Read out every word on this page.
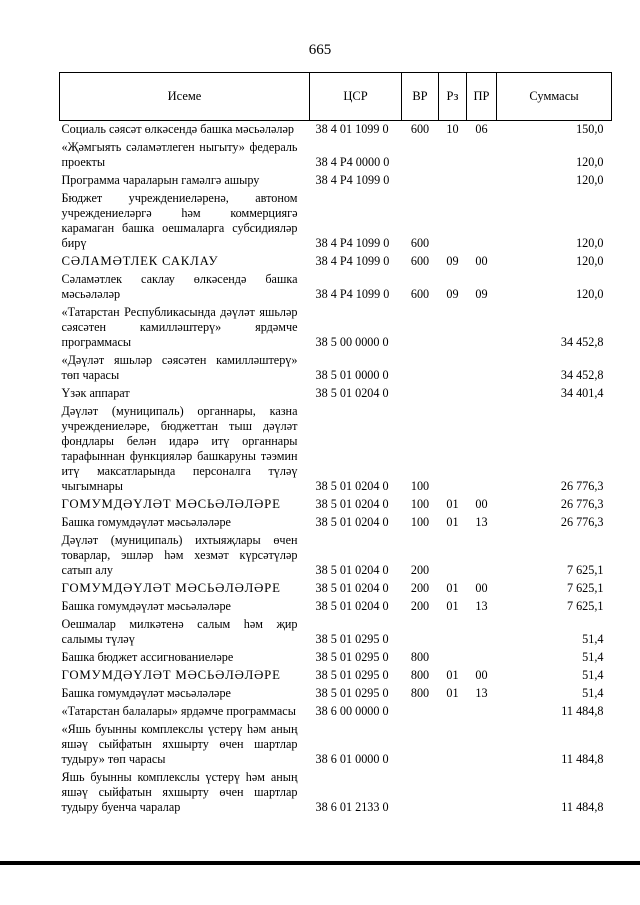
665
Исеме	ЦСР	ВР	Рз	ПР	Суммасы
Социаль сәясәт өлкәсендә башка мәсьәләләр	38 4 01 1099 0	600	10	06	150,0
«Җәмгыять сәламәтлеген ныгыту» федераль проекты	38 4 P4 0000 0				120,0
Программа чараларын гамәлгә ашыру	38 4 P4 1099 0				120,0
Бюджет учреждениеләренә, автоном учреждениеләргә һәм коммерциягә карамаган башка оешмаларга субсидияләр бирү	38 4 P4 1099 0	600			120,0
СӘЛАМӘТЛЕК САКЛАУ	38 4 P4 1099 0	600	09	00	120,0
Сәламәтлек саклау өлкәсендә башка мәсьәләләр	38 4 P4 1099 0	600	09	09	120,0
«Татарстан Республикасында дәүләт яшьләр сәясәтен камилләштерү» ярдәмче программасы	38 5 00 0000 0				34 452,8
«Дәүләт яшьләр сәясәтен камилләштерү» төп чарасы	38 5 01 0000 0				34 452,8
Үзәк аппарат	38 5 01 0204 0				34 401,4
Дәүләт (муниципаль) органнары, казна учреждениеләре, бюджеттан тыш дәүләт фондлары белән идарә итү органнары тарафыннан функцияләр башкаруны тәэмин итү максатларында персоналга түләү чыгымнары	38 5 01 0204 0	100			26 776,3
ГОМУМДӘҮЛӘТ МӘСЬӘЛӘЛӘРЕ	38 5 01 0204 0	100	01	00	26 776,3
Башка гомумдәүләт мәсьәләләре	38 5 01 0204 0	100	01	13	26 776,3
Дәүләт (муниципаль) ихтыяҗлары өчен товарлар, эшләр һәм хезмәт күрсәтүләр сатып алу	38 5 01 0204 0	200			7 625,1
ГОМУМДӘҮЛӘТ МӘСЬӘЛӘЛӘРЕ	38 5 01 0204 0	200	01	00	7 625,1
Башка гомумдәүләт мәсьәләләре	38 5 01 0204 0	200	01	13	7 625,1
Оешмалар милкәтенә салым һәм җир салымы түләү	38 5 01 0295 0				51,4
Башка бюджет ассигнованиеләре	38 5 01 0295 0	800			51,4
ГОМУМДӘҮЛӘТ МӘСЬӘЛӘЛӘРЕ	38 5 01 0295 0	800	01	00	51,4
Башка гомумдәүләт мәсьәләләре	38 5 01 0295 0	800	01	13	51,4
«Татарстан балалары» ярдәмче программасы	38 6 00 0000 0				11 484,8
«Яшь буынны комплекслы үстерү һәм аның яшәү сыйфатын яхшырту өчен шартлар тудыру» төп чарасы	38 6 01 0000 0				11 484,8
Яшь буынны комплекслы үстерү һәм аның яшәү сыйфатын яхшырту өчен шартлар тудыру буенча чаралар	38 6 01 2133 0				11 484,8
